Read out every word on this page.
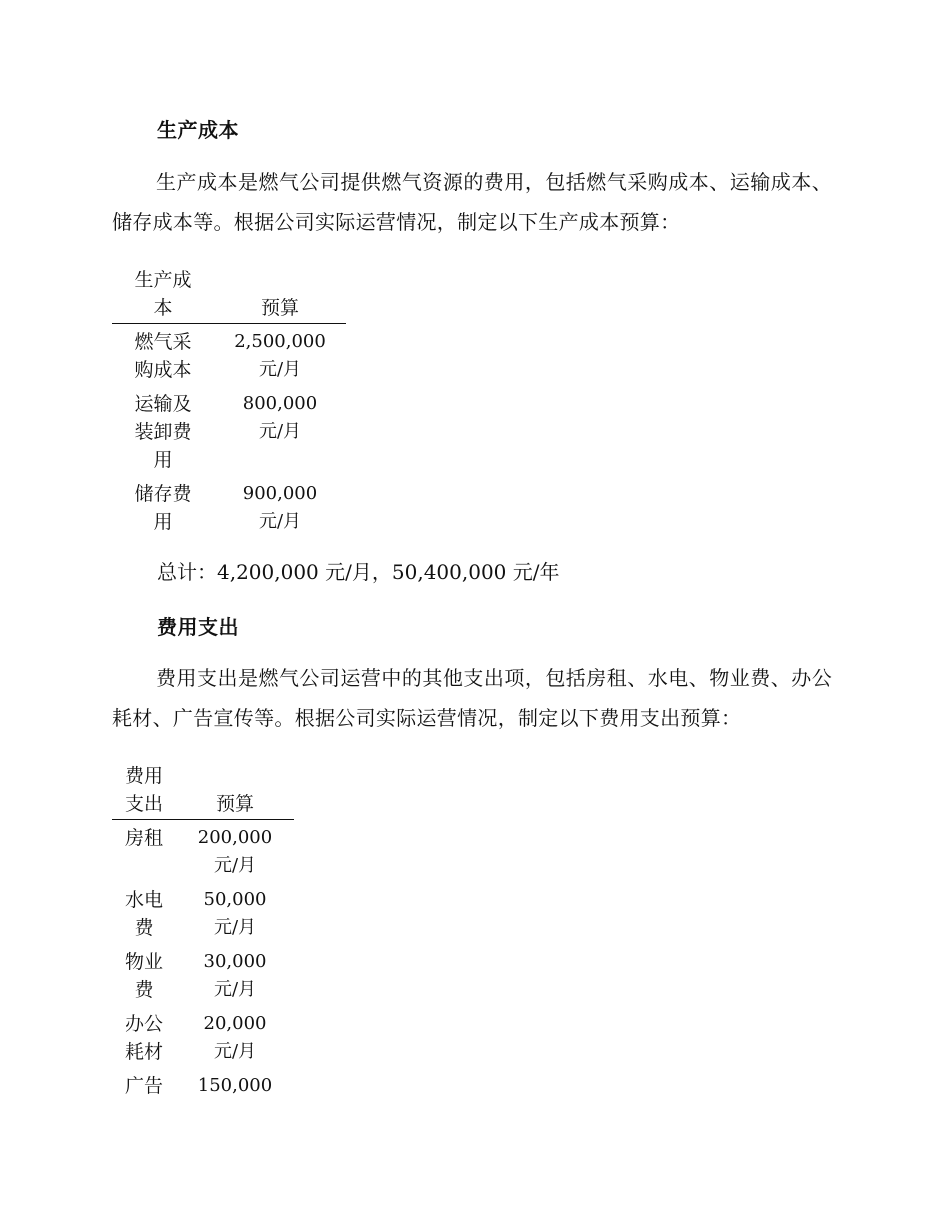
生产成本

生产成本是燃气公司提供燃气资源的费用，包括燃气采购成本、运输成本、储存成本等。根据公司实际运营情况，制定以下生产成本预算：

生产成本	预算
燃气采购成本	2,500,000 元/月
运输及装卸费用	800,000 元/月
储存费用	900,000 元/月
总计：4,200,000 元/月，50,400,000 元/年
费用支出

费用支出是燃气公司运营中的其他支出项，包括房租、水电、物业费、办公耗材、广告宣传等。根据公司实际运营情况，制定以下费用支出预算：

费用支出	预算
房租	200,000 元/月
水电费	50,000 元/月
物业费	30,000 元/月
办公耗材	20,000 元/月
广告	150,000
